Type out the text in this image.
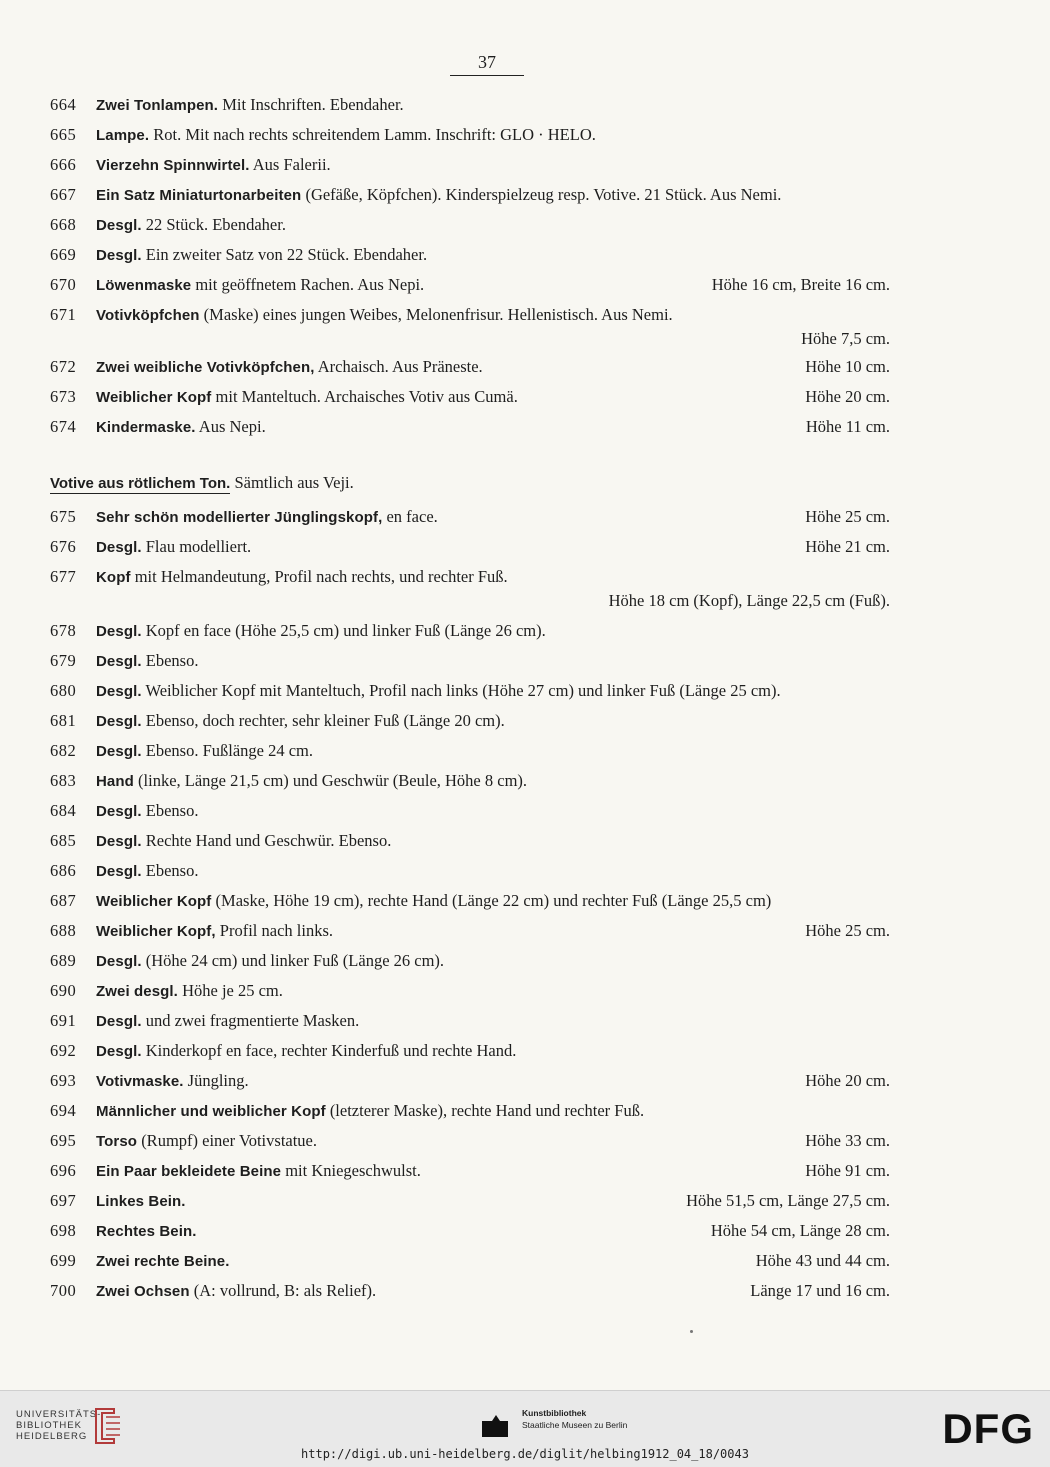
37
664	Zwei Tonlampen. Mit Inschriften. Ebendaher.
665	Lampe. Rot. Mit nach rechts schreitendem Lamm. Inschrift: GLO · HELO.
666	Vierzehn Spinnwirtel. Aus Falerii.
667	Ein Satz Miniaturtonarbeiten (Gefäße, Köpfchen). Kinderspielzeug resp. Votive. 21 Stück. Aus Nemi.
668	Desgl. 22 Stück. Ebendaher.
669	Desgl. Ein zweiter Satz von 22 Stück. Ebendaher.
670	Löwenmaske mit geöffnetem Rachen. Aus Nepi.	Höhe 16 cm, Breite 16 cm.
671	Votivköpfchen (Maske) eines jungen Weibes, Melonenfrisur. Hellenistisch. Aus Nemi.
Höhe 7,5 cm.
672	Zwei weibliche Votivköpfchen, Archaisch. Aus Präneste.	Höhe 10 cm.
673	Weiblicher Kopf mit Manteltuch. Archaisches Votiv aus Cumä.	Höhe 20 cm.
674	Kindermaske. Aus Nepi.	Höhe 11 cm.
675	Sehr schön modellierter Jünglingskopf, en face.	Höhe 25 cm.
676	Desgl. Flau modelliert.	Höhe 21 cm.
677	Kopf mit Helmandeutung, Profil nach rechts, und rechter Fuß.
Höhe 18 cm (Kopf), Länge 22,5 cm (Fuß).
678	Desgl. Kopf en face (Höhe 25,5 cm) und linker Fuß (Länge 26 cm).
679	Desgl. Ebenso.
680	Desgl. Weiblicher Kopf mit Manteltuch, Profil nach links (Höhe 27 cm) und linker Fuß (Länge 25 cm).
681	Desgl. Ebenso, doch rechter, sehr kleiner Fuß (Länge 20 cm).
682	Desgl. Ebenso. Fußlänge 24 cm.
683	Hand (linke, Länge 21,5 cm) und Geschwür (Beule, Höhe 8 cm).
684	Desgl. Ebenso.
685	Desgl. Rechte Hand und Geschwür. Ebenso.
686	Desgl. Ebenso.
687	Weiblicher Kopf (Maske, Höhe 19 cm), rechte Hand (Länge 22 cm) und rechter Fuß (Länge 25,5 cm)
688	Weiblicher Kopf, Profil nach links.	Höhe 25 cm.
689	Desgl. (Höhe 24 cm) und linker Fuß (Länge 26 cm).
690	Zwei desgl. Höhe je 25 cm.
691	Desgl. und zwei fragmentierte Masken.
692	Desgl. Kinderkopf en face, rechter Kinderfuß und rechte Hand.
693	Votivmaske. Jüngling.	Höhe 20 cm.
694	Männlicher und weiblicher Kopf (letzterer Maske), rechte Hand und rechter Fuß.
695	Torso (Rumpf) einer Votivstatue.	Höhe 33 cm.
696	Ein Paar bekleidete Beine mit Kniegeschwulst.	Höhe 91 cm.
697	Linkes Bein.	Höhe 51,5 cm, Länge 27,5 cm.
698	Rechtes Bein.	Höhe 54 cm, Länge 28 cm.
699	Zwei rechte Beine.	Höhe 43 und 44 cm.
700	Zwei Ochsen (A: vollrund, B: als Relief).	Länge 17 und 16 cm.
Votive aus rötlichem Ton. Sämtlich aus Veji.
UNIVERSITÄTS-
BIBLIOTHEK
HEIDELBERG
Kunstbibliothek
Staatliche Museen zu Berlin	DFG
http://digi.ub.uni-heidelberg.de/diglit/helbing1912_04_18/0043
